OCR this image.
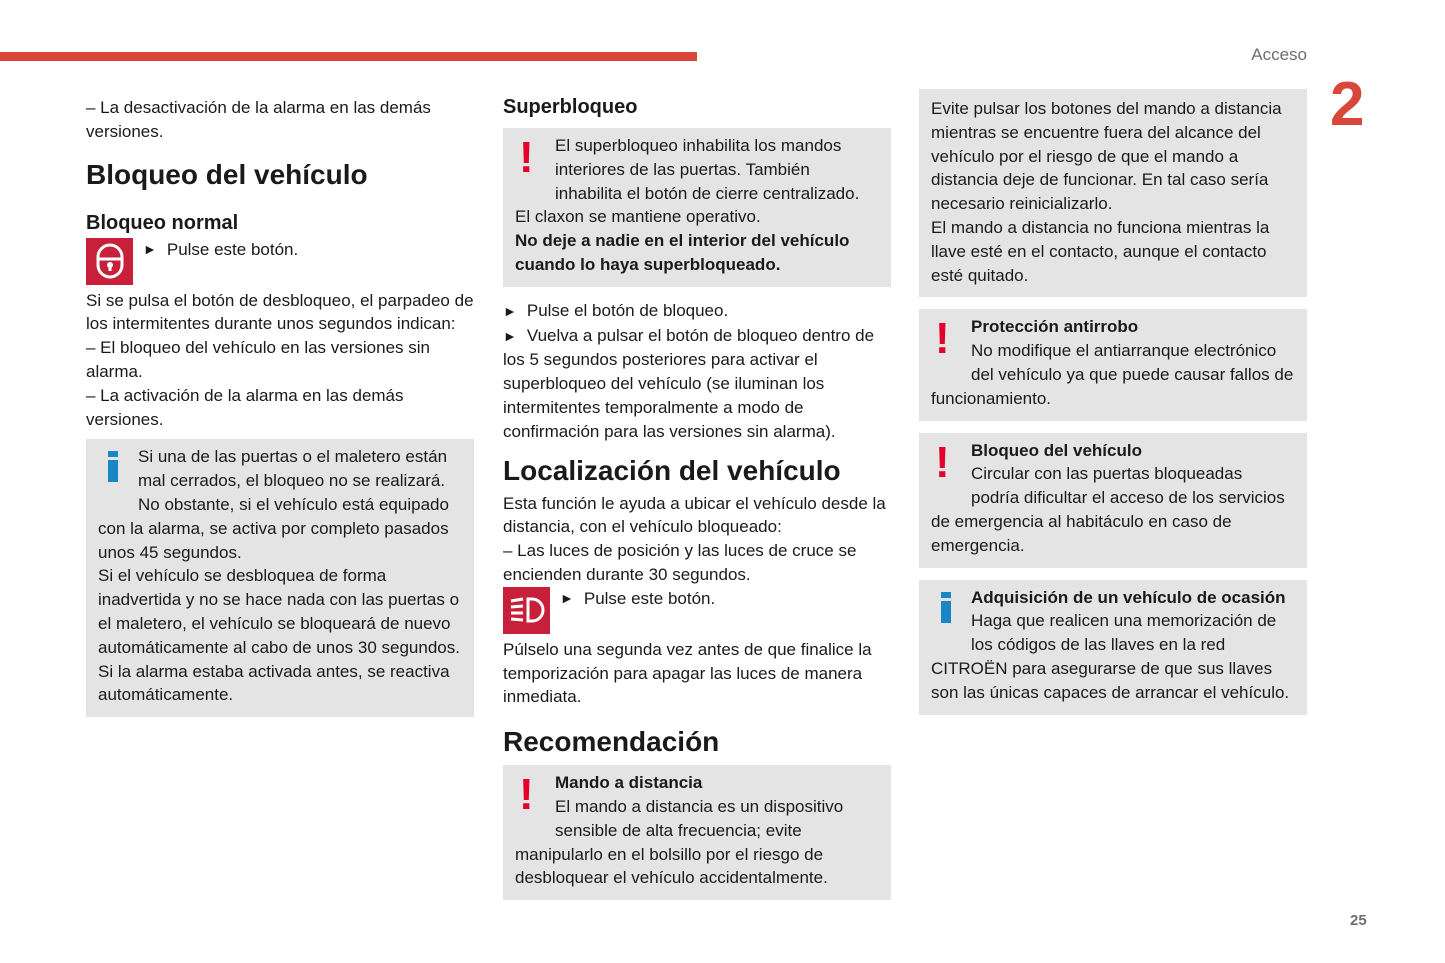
Acceso
2
25

– La desactivación de la alarma en las demás versiones.

Bloqueo del vehículo
Bloqueo normal
► Pulse este botón.

Si se pulsa el botón de desbloqueo, el parpadeo de los intermitentes durante unos segundos indican:

– El bloqueo del vehículo en las versiones sin alarma.

– La activación de la alarma en las demás versiones.

Si una de las puertas o el maletero están mal cerrados, el bloqueo no se realizará.

No obstante, si el vehículo está equipado con la alarma, se activa por completo pasados unos 45 segundos.

Si el vehículo se desbloquea de forma inadvertida y no se hace nada con las puertas o el maletero, el vehículo se bloqueará de nuevo automáticamente al cabo de unos 30 segundos. Si la alarma estaba activada antes, se reactiva automáticamente.

Superbloqueo
!	El superbloqueo inhabilita los mandos interiores de las puertas. También inhabilita el botón de cierre centralizado.

El claxon se mantiene operativo.

No deje a nadie en el interior del vehículo cuando lo haya superbloqueado.

► Pulse el botón de bloqueo.

► Vuelva a pulsar el botón de bloqueo dentro de los 5 segundos posteriores para activar el superbloqueo del vehículo (se iluminan los intermitentes temporalmente a modo de confirmación para las versiones sin alarma).

Localización del vehículo

Esta función le ayuda a ubicar el vehículo desde la distancia, con el vehículo bloqueado:

– Las luces de posición y las luces de cruce se encienden durante 30 segundos.

► Pulse este botón.

Púlselo una segunda vez antes de que finalice la temporización para apagar las luces de manera inmediata.

Recomendación
!	Mando a distancia

El mando a distancia es un dispositivo sensible de alta frecuencia; evite manipularlo en el bolsillo por el riesgo de desbloquear el vehículo accidentalmente.

Evite pulsar los botones del mando a distancia mientras se encuentre fuera del alcance del vehículo por el riesgo de que el mando a distancia deje de funcionar. En tal caso sería necesario reinicializarlo.

El mando a distancia no funciona mientras la llave esté en el contacto, aunque el contacto esté quitado.

!	Protección antirrobo

No modifique el antiarranque electrónico del vehículo ya que puede causar fallos de funcionamiento.

!	Bloqueo del vehículo

Circular con las puertas bloqueadas podría dificultar el acceso de los servicios de emergencia al habitáculo en caso de emergencia.

Adquisición de un vehículo de ocasión

Haga que realicen una memorización de los códigos de las llaves en la red CITROËN para asegurarse de que sus llaves son las únicas capaces de arrancar el vehículo.
